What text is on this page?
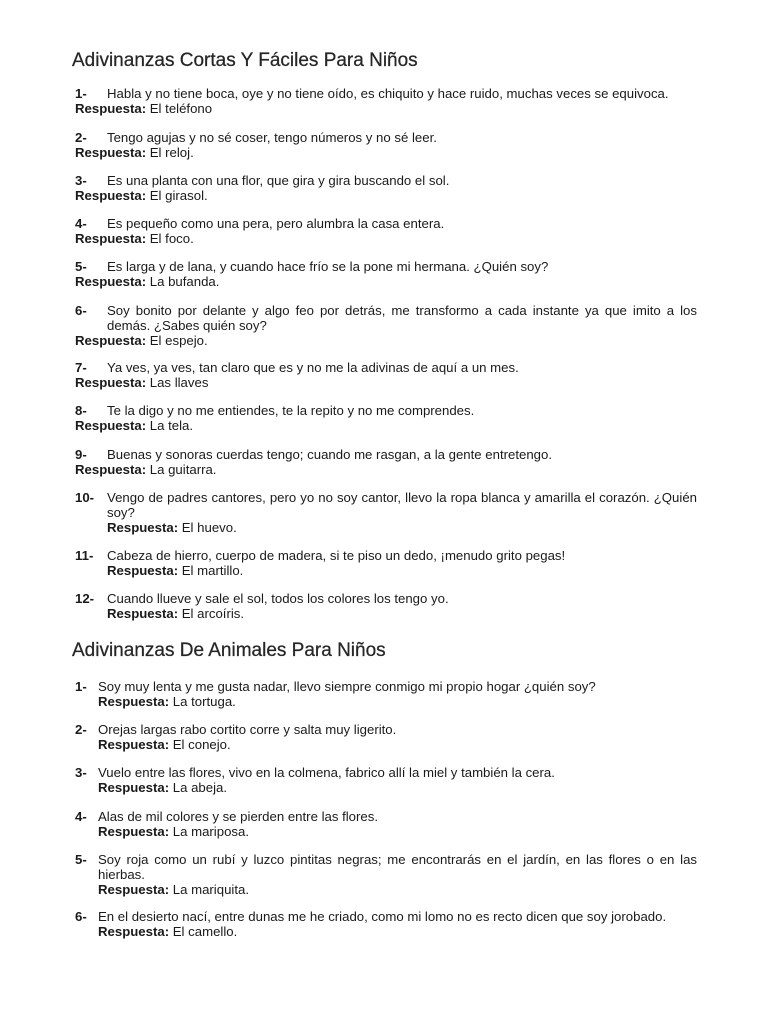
Adivinanzas Cortas Y Fáciles Para Niños
1-	Habla y no tiene boca, oye y no tiene oído, es chiquito y hace ruido, muchas veces se equivoca.
Respuesta: El teléfono
2-	Tengo agujas y no sé coser, tengo números y no sé leer.
Respuesta: El reloj.
3-	Es una planta con una flor, que gira y gira buscando el sol.
Respuesta: El girasol.
4-	Es pequeño como una pera, pero alumbra la casa entera.
Respuesta: El foco.
5-	Es larga y de lana, y cuando hace frío se la pone mi hermana. ¿Quién soy?
Respuesta: La bufanda.
6-	Soy bonito por delante y algo feo por detrás, me transformo a cada instante ya que imito a los demás. ¿Sabes quién soy?
Respuesta: El espejo.
7-	Ya ves, ya ves, tan claro que es y no me la adivinas de aquí a un mes.
Respuesta: Las llaves
8-	Te la digo y no me entiendes, te la repito y no me comprendes.
Respuesta: La tela.
9-	Buenas y sonoras cuerdas tengo; cuando me rasgan, a la gente entretengo.
Respuesta: La guitarra.
10- Vengo de padres cantores, pero yo no soy cantor, llevo la ropa blanca y amarilla el corazón. ¿Quién soy?
Respuesta: El huevo.
11-	Cabeza de hierro, cuerpo de madera, si te piso un dedo, ¡menudo grito pegas!
Respuesta: El martillo.
12- Cuando llueve y sale el sol, todos los colores los tengo yo.
Respuesta: El arcoíris.
Adivinanzas De Animales Para Niños
1- Soy muy lenta y me gusta nadar, llevo siempre conmigo mi propio hogar ¿quién soy?
Respuesta: La tortuga.
2- Orejas largas rabo cortito corre y salta muy ligerito.
Respuesta: El conejo.
3- Vuelo entre las flores, vivo en la colmena, fabrico allí la miel y también la cera.
Respuesta: La abeja.
4- Alas de mil colores y se pierden entre las flores.
Respuesta: La mariposa.
5- Soy roja como un rubí y luzco pintitas negras; me encontrarás en el jardín, en las flores o en las hierbas.
Respuesta: La mariquita.
6- En el desierto nací, entre dunas me he criado, como mi lomo no es recto dicen que soy jorobado.
Respuesta: El camello.
